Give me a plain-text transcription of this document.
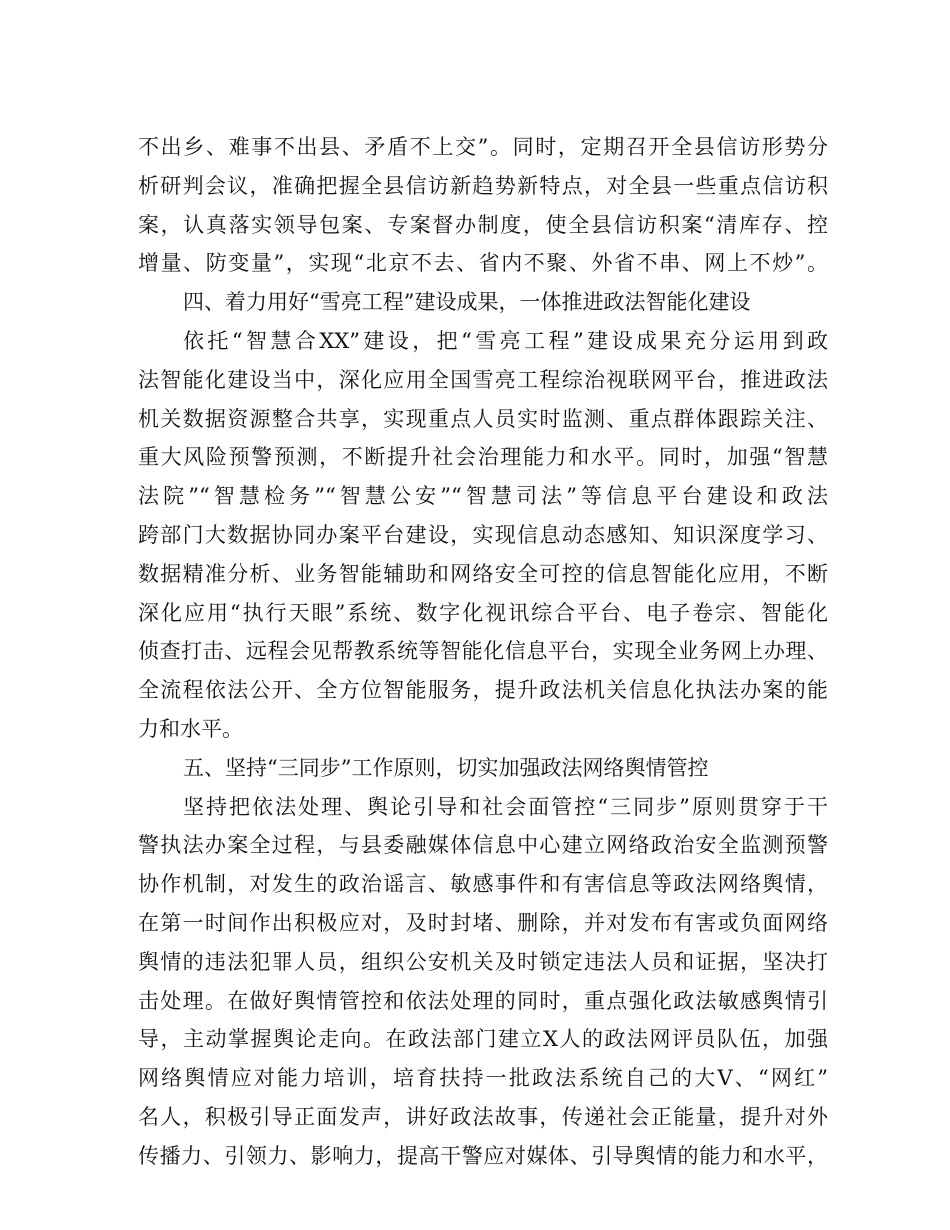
不出乡、难事不出县、矛盾不上交”。同时，定期召开全县信访形势分
析研判会议，准确把握全县信访新趋势新特点，对全县一些重点信访积
案，认真落实领导包案、专案督办制度，使全县信访积案“清库存、控
增量、防变量”，实现“北京不去、省内不聚、外省不串、网上不炒”。
四、着力用好“雪亮工程”建设成果，一体推进政法智能化建设
依托“智慧合XX”建设，把“雪亮工程”建设成果充分运用到政
法智能化建设当中，深化应用全国雪亮工程综治视联网平台，推进政法
机关数据资源整合共享，实现重点人员实时监测、重点群体跟踪关注、
重大风险预警预测，不断提升社会治理能力和水平。同时，加强“智慧
法院”“智慧检务”“智慧公安”“智慧司法”等信息平台建设和政法
跨部门大数据协同办案平台建设，实现信息动态感知、知识深度学习、
数据精准分析、业务智能辅助和网络安全可控的信息智能化应用，不断
深化应用“执行天眼”系统、数字化视讯综合平台、电子卷宗、智能化
侦查打击、远程会见帮教系统等智能化信息平台，实现全业务网上办理、
全流程依法公开、全方位智能服务，提升政法机关信息化执法办案的能
力和水平。
五、坚持“三同步”工作原则，切实加强政法网络舆情管控
坚持把依法处理、舆论引导和社会面管控“三同步”原则贯穿于干
警执法办案全过程，与县委融媒体信息中心建立网络政治安全监测预警
协作机制，对发生的政治谣言、敏感事件和有害信息等政法网络舆情，
在第一时间作出积极应对，及时封堵、删除，并对发布有害或负面网络
舆情的违法犯罪人员，组织公安机关及时锁定违法人员和证据，坚决打
击处理。在做好舆情管控和依法处理的同时，重点强化政法敏感舆情引
导，主动掌握舆论走向。在政法部门建立X人的政法网评员队伍，加强
网络舆情应对能力培训，培育扶持一批政法系统自己的大V、“网红”
名人，积极引导正面发声，讲好政法故事，传递社会正能量，提升对外
传播力、引领力、影响力，提高干警应对媒体、引导舆情的能力和水平，
